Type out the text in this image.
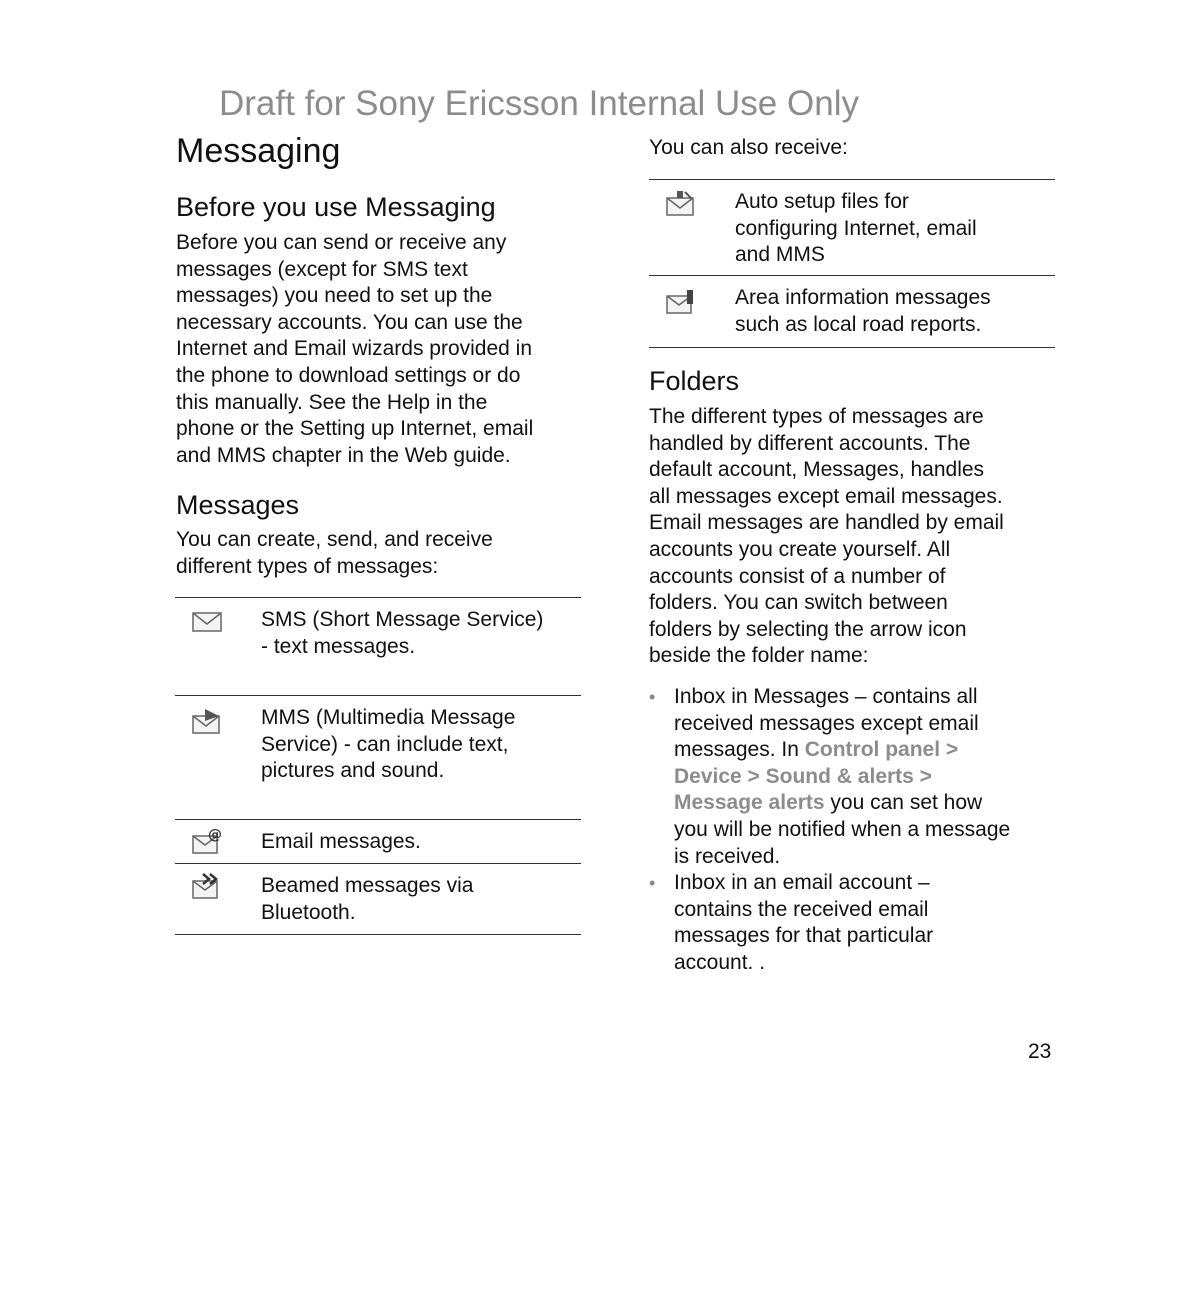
Draft for Sony Ericsson Internal Use Only
Messaging
Before you use Messaging
Before you can send or receive any
messages (except for SMS text
messages) you need to set up the
necessary accounts. You can use the
Internet and Email wizards provided in
the phone to download settings or do
this manually. See the Help in the
phone or the Setting up Internet, email
and MMS chapter in the Web guide.
Messages
You can create, send, and receive
different types of messages:
SMS (Short Message Service)
- text messages.
MMS (Multimedia Message
Service) - can include text,
pictures and sound.
@ Email messages.
Beamed messages via
Bluetooth.
You can also receive:
Auto setup files for
configuring Internet, email
and MMS
Area information messages
such as local road reports.
Folders
The different types of messages are
handled by different accounts. The
default account, Messages, handles
all messages except email messages.
Email messages are handled by email
accounts you create yourself. All
accounts consist of a number of
folders. You can switch between
folders by selecting the arrow icon
beside the folder name:
• Inbox in Messages – contains all
received messages except email
messages. In Control panel >
Device > Sound & alerts >
Message alerts you can set how
you will be notified when a message
is received.
• Inbox in an email account –
contains the received email
messages for that particular
account. .
23
